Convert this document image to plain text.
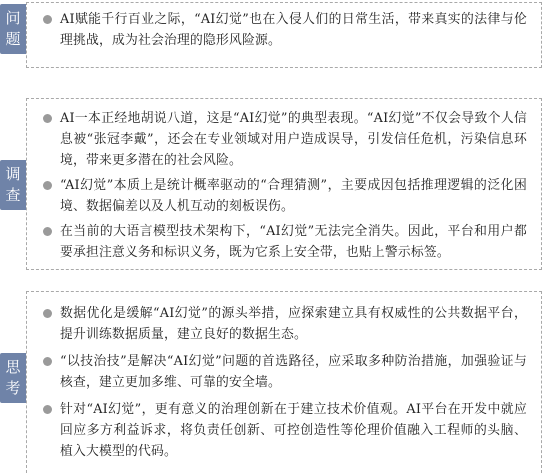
问
题
AI赋能千行百业之际，“AI幻觉”也在入侵人们的日常生活，带来真实的法律与伦理挑战，成为社会治理的隐形风险源。
调
查
AI一本正经地胡说八道，这是“AI幻觉”的典型表现。“AI幻觉”不仅会导致个人信息被“张冠李戴”，还会在专业领域对用户造成误导，引发信任危机，污染信息环境，带来更多潜在的社会风险。
“AI幻觉”本质上是统计概率驱动的“合理猜测”，主要成因包括推理逻辑的泛化困境、数据偏差以及人机互动的刻板误伤。
在当前的大语言模型技术架构下，“AI幻觉”无法完全消失。因此，平台和用户都要承担注意义务和标识义务，既为它系上安全带，也贴上警示标签。
思
考
数据优化是缓解“AI幻觉”的源头举措，应探索建立具有权威性的公共数据平台，提升训练数据质量，建立良好的数据生态。
“以技治技”是解决“AI幻觉”问题的首选路径，应采取多种防治措施，加强验证与核查，建立更加多维、可靠的安全墙。
针对“AI幻觉”，更有意义的治理创新在于建立技术价值观。AI平台在开发中就应回应多方利益诉求，将负责任创新、可控创造性等伦理价值融入工程师的头脑、植入大模型的代码。
